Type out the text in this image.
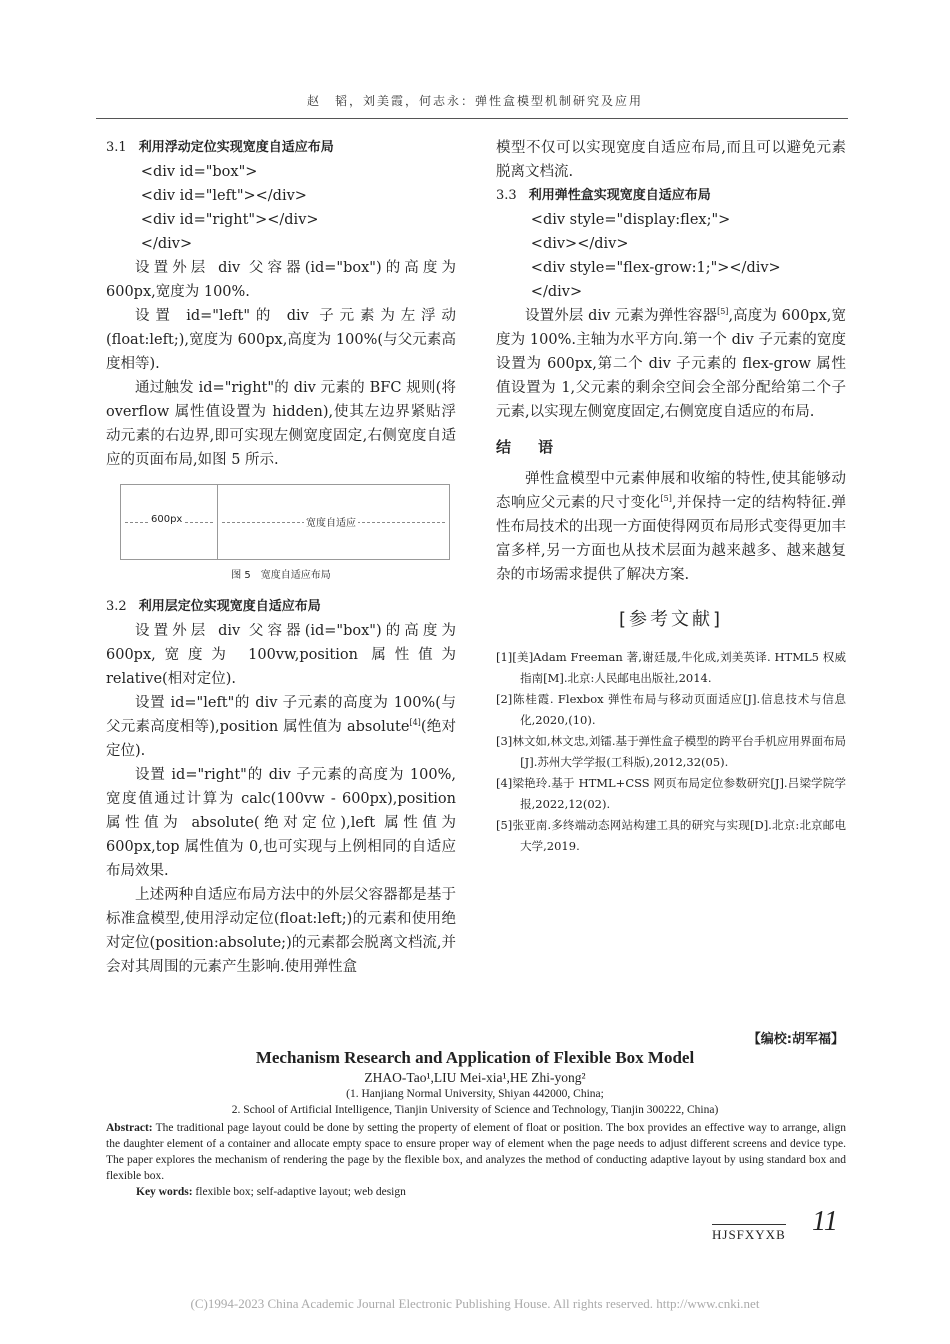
赵　韬，刘美霞，何志永：弹性盒模型机制研究及应用

3.1 利用浮动定位实现宽度自适应布局

<div id="box">

<div id="left"></div>

<div id="right"></div>

</div>

设置外层 div 父容器(id="box")的高度为 600px,宽度为 100%.

设置 id="left"的 div 子元素为左浮动(float:left;),宽度为 600px,高度为 100%(与父元素高度相等).

通过触发 id="right"的 div 元素的 BFC 规则(将 overflow 属性值设置为 hidden),使其左边界紧贴浮动元素的右边界,即可实现左侧宽度固定,右侧宽度自适应的页面布局,如图 5 所示.

600px	宽度自适应

图 5　 宽度自适应布局

3.2 利用层定位实现宽度自适应布局

设置外层 div 父容器(id="box")的高度为 600px,宽度为 100vw,position 属性值为 relative(相对定位).

设置 id="left"的 div 子元素的高度为 100%(与父元素高度相等),position 属性值为 absolute[4](绝对定位).

设置 id="right"的 div 子元素的高度为 100%,宽度值通过计算为 calc(100vw - 600px),position 属性值为 absolute(绝对定位),left 属性值为 600px,top 属性值为 0,也可实现与上例相同的自适应布局效果.

上述两种自适应布局方法中的外层父容器都是基于标准盒模型,使用浮动定位(float:left;)的元素和使用绝对定位(position:absolute;)的元素都会脱离文档流,并会对其周围的元素产生影响.使用弹性盒

模型不仅可以实现宽度自适应布局,而且可以避免元素脱离文档流.

3.3 利用弹性盒实现宽度自适应布局

<div style="display:flex;">

<div></div>

<div style="flex-grow:1;"></div>

</div>

设置外层 div 元素为弹性容器[5],高度为 600px,宽度为 100%.主轴为水平方向.第一个 div 子元素的宽度设置为 600px,第二个 div 子元素的 flex-grow 属性值设置为 1,父元素的剩余空间会全部分配给第二个子元素,以实现左侧宽度固定,右侧宽度自适应的布局.

结　语

弹性盒模型中元素伸展和收缩的特性,使其能够动态响应父元素的尺寸变化[5],并保持一定的结构特征.弹性布局技术的出现一方面使得网页布局形式变得更加丰富多样,另一方面也从技术层面为越来越多、越来越复杂的市场需求提供了解决方案.

[参考文献]

[1][美]Adam Freeman 著,谢廷晟,牛化成,刘美英译. HTML5 权威指南[M].北京:人民邮电出版社,2014.

[2]陈桂霞. Flexbox 弹性布局与移动页面适应[J].信息技术与信息化,2020,(10).

[3]林文如,林文忠,刘镭.基于弹性盒子模型的跨平台手机应用界面布局[J].苏州大学学报(工科版),2012,32(05).

[4]梁艳玲.基于 HTML+CSS 网页布局定位参数研究[J].吕梁学院学报,2022,12(02).

[5]张亚南.多终端动态网站构建工具的研究与实现[D].北京:北京邮电大学,2019.

【编校:胡军福】
Mechanism Research and Application of Flexible Box Model
ZHAO-Tao¹,LIU Mei-xia¹,HE Zhi-yong²
(1. Hanjiang Normal University, Shiyan 442000, China;
2. School of Artificial Intelligence, Tianjin University of Science and Technology, Tianjin 300222, China)

Abstract: The traditional page layout could be done by setting the property of element of float or position. The box provides an effective way to arrange, align the daughter element of a container and allocate empty space to ensure proper way of element when the page needs to adjust different screens and device type. The paper explores the mechanism of rendering the page by the flexible box, and analyzes the method of conducting adaptive layout by using standard box and flexible box.

Key words: flexible box; self-adaptive layout; web design
HJSFXYXB 11
(C)1994-2023 China Academic Journal Electronic Publishing House. All rights reserved. http://www.cnki.net
